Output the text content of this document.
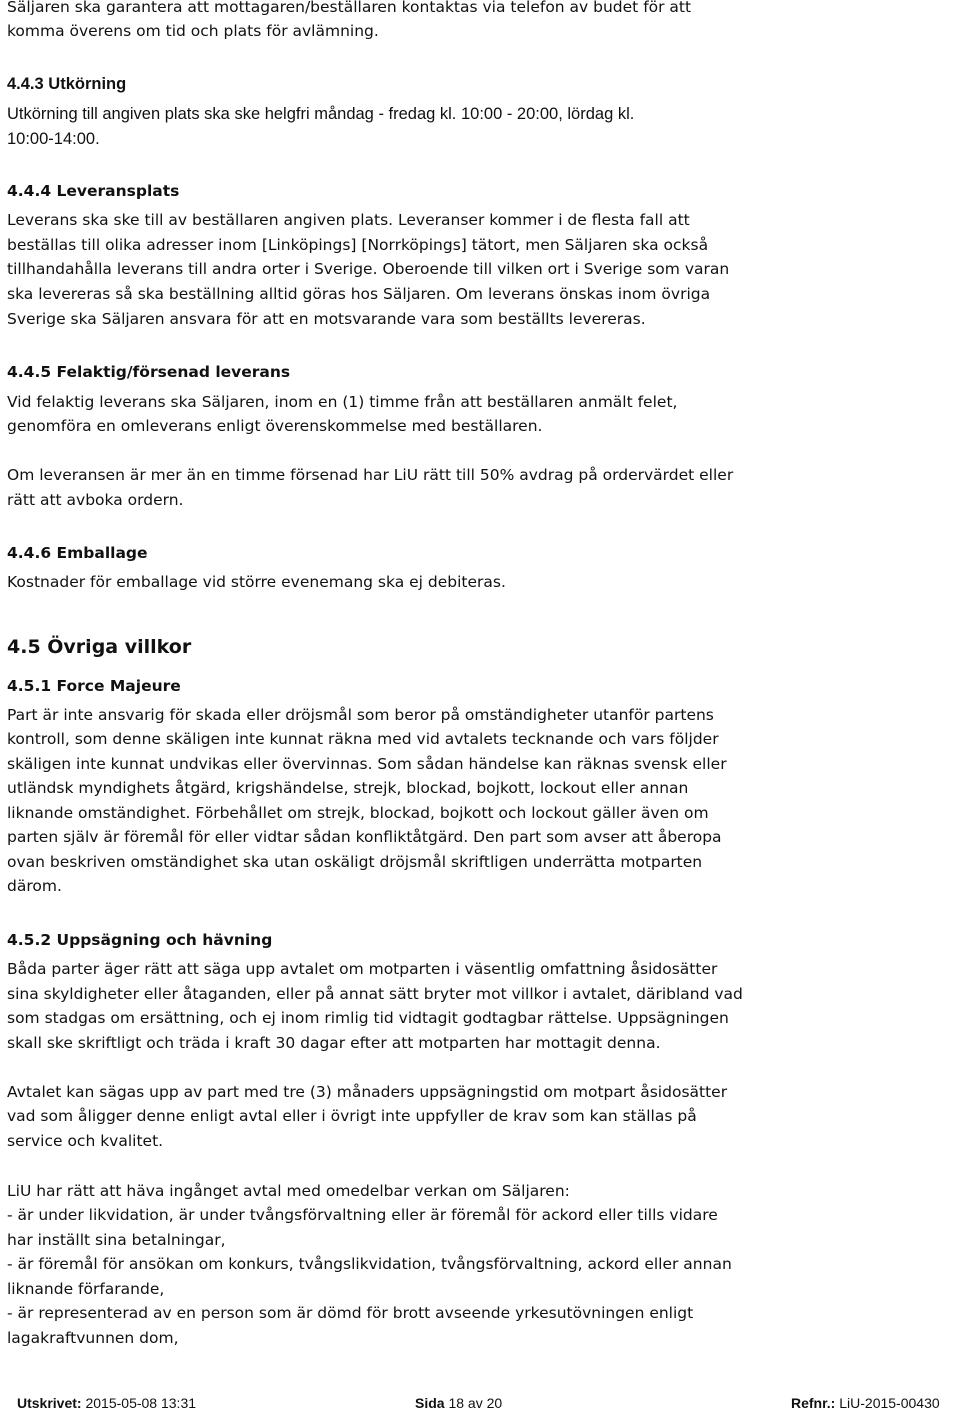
Säljaren ska garantera att mottagaren/beställaren kontaktas via telefon av budet för att
komma överens om tid och plats för avlämning.
4.4.3 Utkörning
Utkörning till angiven plats ska ske helgfri måndag - fredag kl. 10:00 - 20:00, lördag kl.
10:00-14:00.
4.4.4 Leveransplats
Leverans ska ske till av beställaren angiven plats. Leveranser kommer i de flesta fall att
beställas till olika adresser inom [Linköpings] [Norrköpings] tätort, men Säljaren ska också
tillhandahålla leverans till andra orter i Sverige. Oberoende till vilken ort i Sverige som varan
ska levereras så ska beställning alltid göras hos Säljaren. Om leverans önskas inom övriga
Sverige ska Säljaren ansvara för att en motsvarande vara som beställts levereras.
4.4.5 Felaktig/försenad leverans
Vid felaktig leverans ska Säljaren, inom en (1) timme från att beställaren anmält felet,
genomföra en omleverans enligt överenskommelse med beställaren.
Om leveransen är mer än en timme försenad har LiU rätt till 50% avdrag på ordervärdet eller
rätt att avboka ordern.
4.4.6 Emballage
Kostnader för emballage vid större evenemang ska ej debiteras.
4.5 Övriga villkor
4.5.1 Force Majeure
Part är inte ansvarig för skada eller dröjsmål som beror på omständigheter utanför partens
kontroll, som denne skäligen inte kunnat räkna med vid avtalets tecknande och vars följder
skäligen inte kunnat undvikas eller övervinnas. Som sådan händelse kan räknas svensk eller
utländsk myndighets åtgärd, krigshändelse, strejk, blockad, bojkott, lockout eller annan
liknande omständighet. Förbehållet om strejk, blockad, bojkott och lockout gäller även om
parten själv är föremål för eller vidtar sådan konfliktåtgärd. Den part som avser att åberopa
ovan beskriven omständighet ska utan oskäligt dröjsmål skriftligen underrätta motparten
därom.
4.5.2 Uppsägning och hävning
Båda parter äger rätt att säga upp avtalet om motparten i väsentlig omfattning åsidosätter
sina skyldigheter eller åtaganden, eller på annat sätt bryter mot villkor i avtalet, däribland vad
som stadgas om ersättning, och ej inom rimlig tid vidtagit godtagbar rättelse. Uppsägningen
skall ske skriftligt och träda i kraft 30 dagar efter att motparten har mottagit denna.
Avtalet kan sägas upp av part med tre (3) månaders uppsägningstid om motpart åsidosätter
vad som åligger denne enligt avtal eller i övrigt inte uppfyller de krav som kan ställas på
service och kvalitet.
LiU har rätt att häva ingånget avtal med omedelbar verkan om Säljaren:
- är under likvidation, är under tvångsförvaltning eller är föremål för ackord eller tills vidare
har inställt sina betalningar,
- är föremål för ansökan om konkurs, tvångslikvidation, tvångsförvaltning, ackord eller annan
liknande förfarande,
- är representerad av en person som är dömd för brott avseende yrkesutövningen enligt
lagakraftvunnen dom,
Utskrivet: 2015-05-08 13:31	Sida 18 av 20	Refnr.: LiU-2015-00430
